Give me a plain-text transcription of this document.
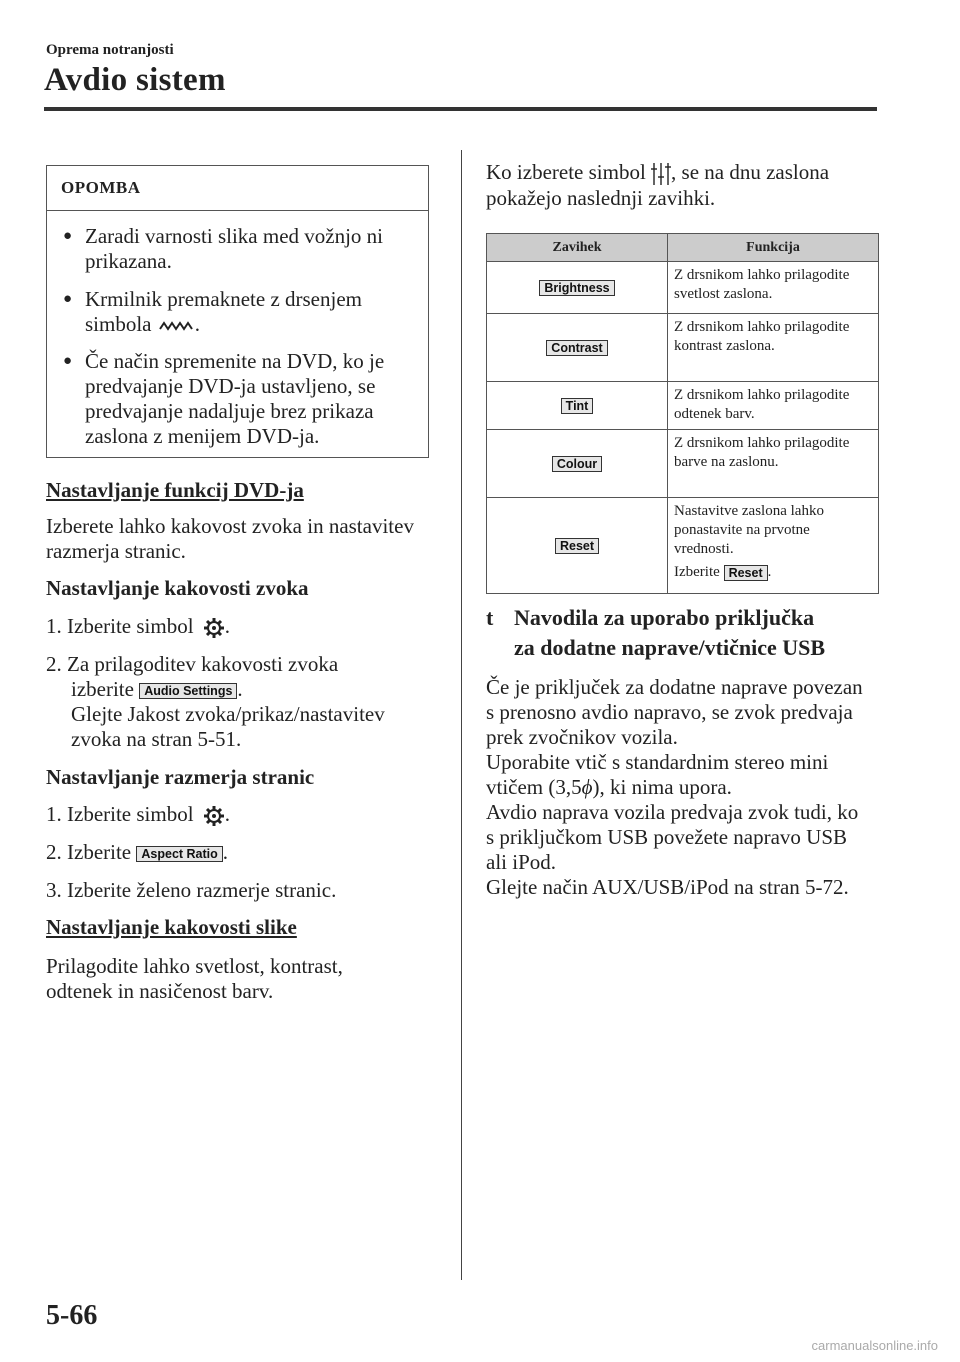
Oprema notranjosti
Avdio sistem
OPOMBA
● Zaradi varnosti slika med vožnjo ni prikazana.
● Krmilnik premaknete z drsenjem
simbola .
● Če način spremenite na DVD, ko je predvajanje DVD-ja ustavljeno, se predvajanje nadaljuje brez prikaza zaslona z menijem DVD-ja.
Nastavljanje funkcij DVD-ja
Izberete lahko kakovost zvoka in nastavitev razmerja stranic.
Nastavljanje kakovosti zvoka
1. Izberite simbol .
2. Za prilagoditev kakovosti zvoka
izberite Audio Settings .
Glejte Jakost zvoka/prikaz/nastavitev
zvoka na stran 5-51.
Nastavljanje razmerja stranic
1. Izberite simbol .
2. Izberite Aspect Ratio .
3. Izberite želeno razmerje stranic.
Nastavljanje kakovosti slike
Prilagodite lahko svetlost, kontrast, odtenek in nasičenost barv.
Ko izberete simbol , se na dnu zaslona
pokažejo naslednji zavihki.
Zavihek	Funkcija
Brightness	Z drsnikom lahko prilagodite svetlost zaslona.
Contrast	Z drsnikom lahko prilagodite kontrast zaslona.
Tint	Z drsnikom lahko prilagodite odtenek barv.
Colour	Z drsnikom lahko prilagodite barve na zaslonu.
Reset	Nastavitve zaslona lahko ponastavite na prvotne vrednosti.
Izberite Reset .
t Navodila za uporabo priključka
za dodatne naprave/vtičnice USB
Če je priključek za dodatne naprave povezan s prenosno avdio napravo, se zvok predvaja prek zvočnikov vozila.
Uporabite vtič s standardnim stereo mini vtičem (3,5ϕ), ki nima upora.
Avdio naprava vozila predvaja zvok tudi, ko s priključkom USB povežete napravo USB ali iPod.
Glejte način AUX/USB/iPod na stran 5-72.
5-66
carmanualsonline.info
